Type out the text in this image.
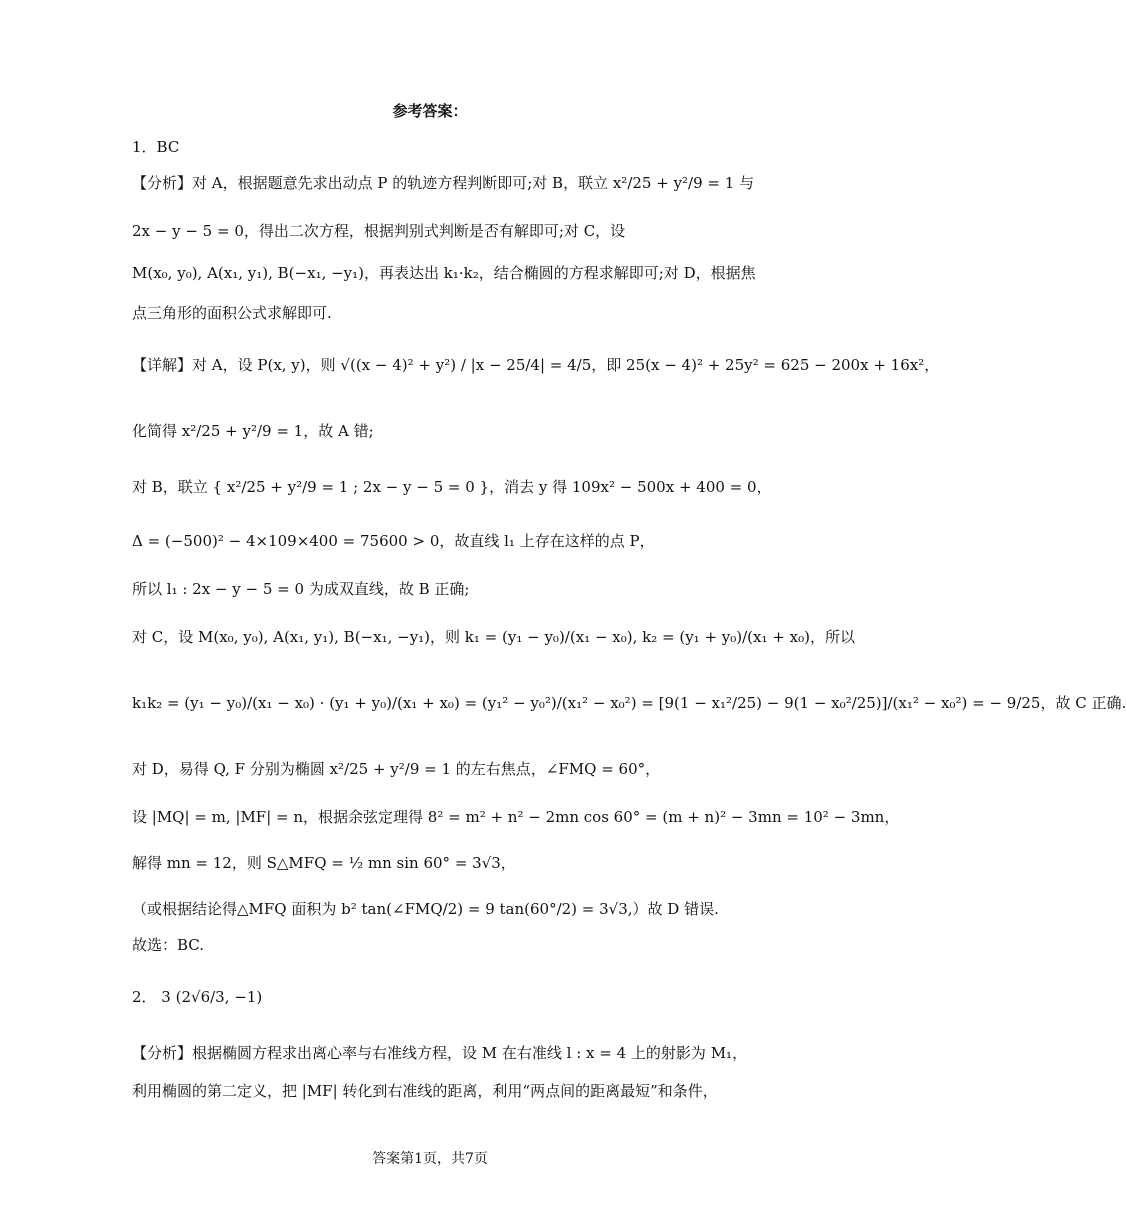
参考答案：
1．BC
【分析】对 A，根据题意先求出动点 P 的轨迹方程判断即可;对 B，联立 x²/25 + y²/9 = 1 与
2x − y − 5 = 0，得出二次方程，根据判别式判断是否有解即可;对 C，设
M(x₀, y₀), A(x₁, y₁), B(−x₁, −y₁)，再表达出 k₁·k₂，结合椭圆的方程求解即可;对 D，根据焦
点三角形的面积公式求解即可.
【详解】对 A，设 P(x, y)，则 √((x − 4)² + y²) / |x − 25/4| = 4/5，即 25(x − 4)² + 25y² = 625 − 200x + 16x²，
化简得 x²/25 + y²/9 = 1，故 A 错;
对 B，联立 { x²/25 + y²/9 = 1 ; 2x − y − 5 = 0 }，消去 y 得 109x² − 500x + 400 = 0，
Δ = (−500)² − 4×109×400 = 75600 > 0，故直线 l₁ 上存在这样的点 P，
所以 l₁ : 2x − y − 5 = 0 为成双直线，故 B 正确;
对 C，设 M(x₀, y₀), A(x₁, y₁), B(−x₁, −y₁)，则 k₁ = (y₁ − y₀)/(x₁ − x₀), k₂ = (y₁ + y₀)/(x₁ + x₀)，所以
k₁k₂ = (y₁ − y₀)/(x₁ − x₀) · (y₁ + y₀)/(x₁ + x₀) = (y₁² − y₀²)/(x₁² − x₀²) = [9(1 − x₁²/25) − 9(1 − x₀²/25)]/(x₁² − x₀²) = − 9/25，故 C 正确.
对 D，易得 Q, F 分别为椭圆 x²/25 + y²/9 = 1 的左右焦点，∠FMQ = 60°，
设 |MQ| = m, |MF| = n，根据余弦定理得 8² = m² + n² − 2mn cos 60° = (m + n)² − 3mn = 10² − 3mn，
解得 mn = 12，则 S△MFQ = ½ mn sin 60° = 3√3，
（或根据结论得△MFQ 面积为 b² tan(∠FMQ/2) = 9 tan(60°/2) = 3√3,）故 D 错误.
故选：BC.
2． 3 (2√6/3, −1)
【分析】根据椭圆方程求出离心率与右准线方程，设 M 在右准线 l : x = 4 上的射影为 M₁，
利用椭圆的第二定义，把 |MF| 转化到右准线的距离，利用“两点间的距离最短”和条件，
答案第1页，共7页
